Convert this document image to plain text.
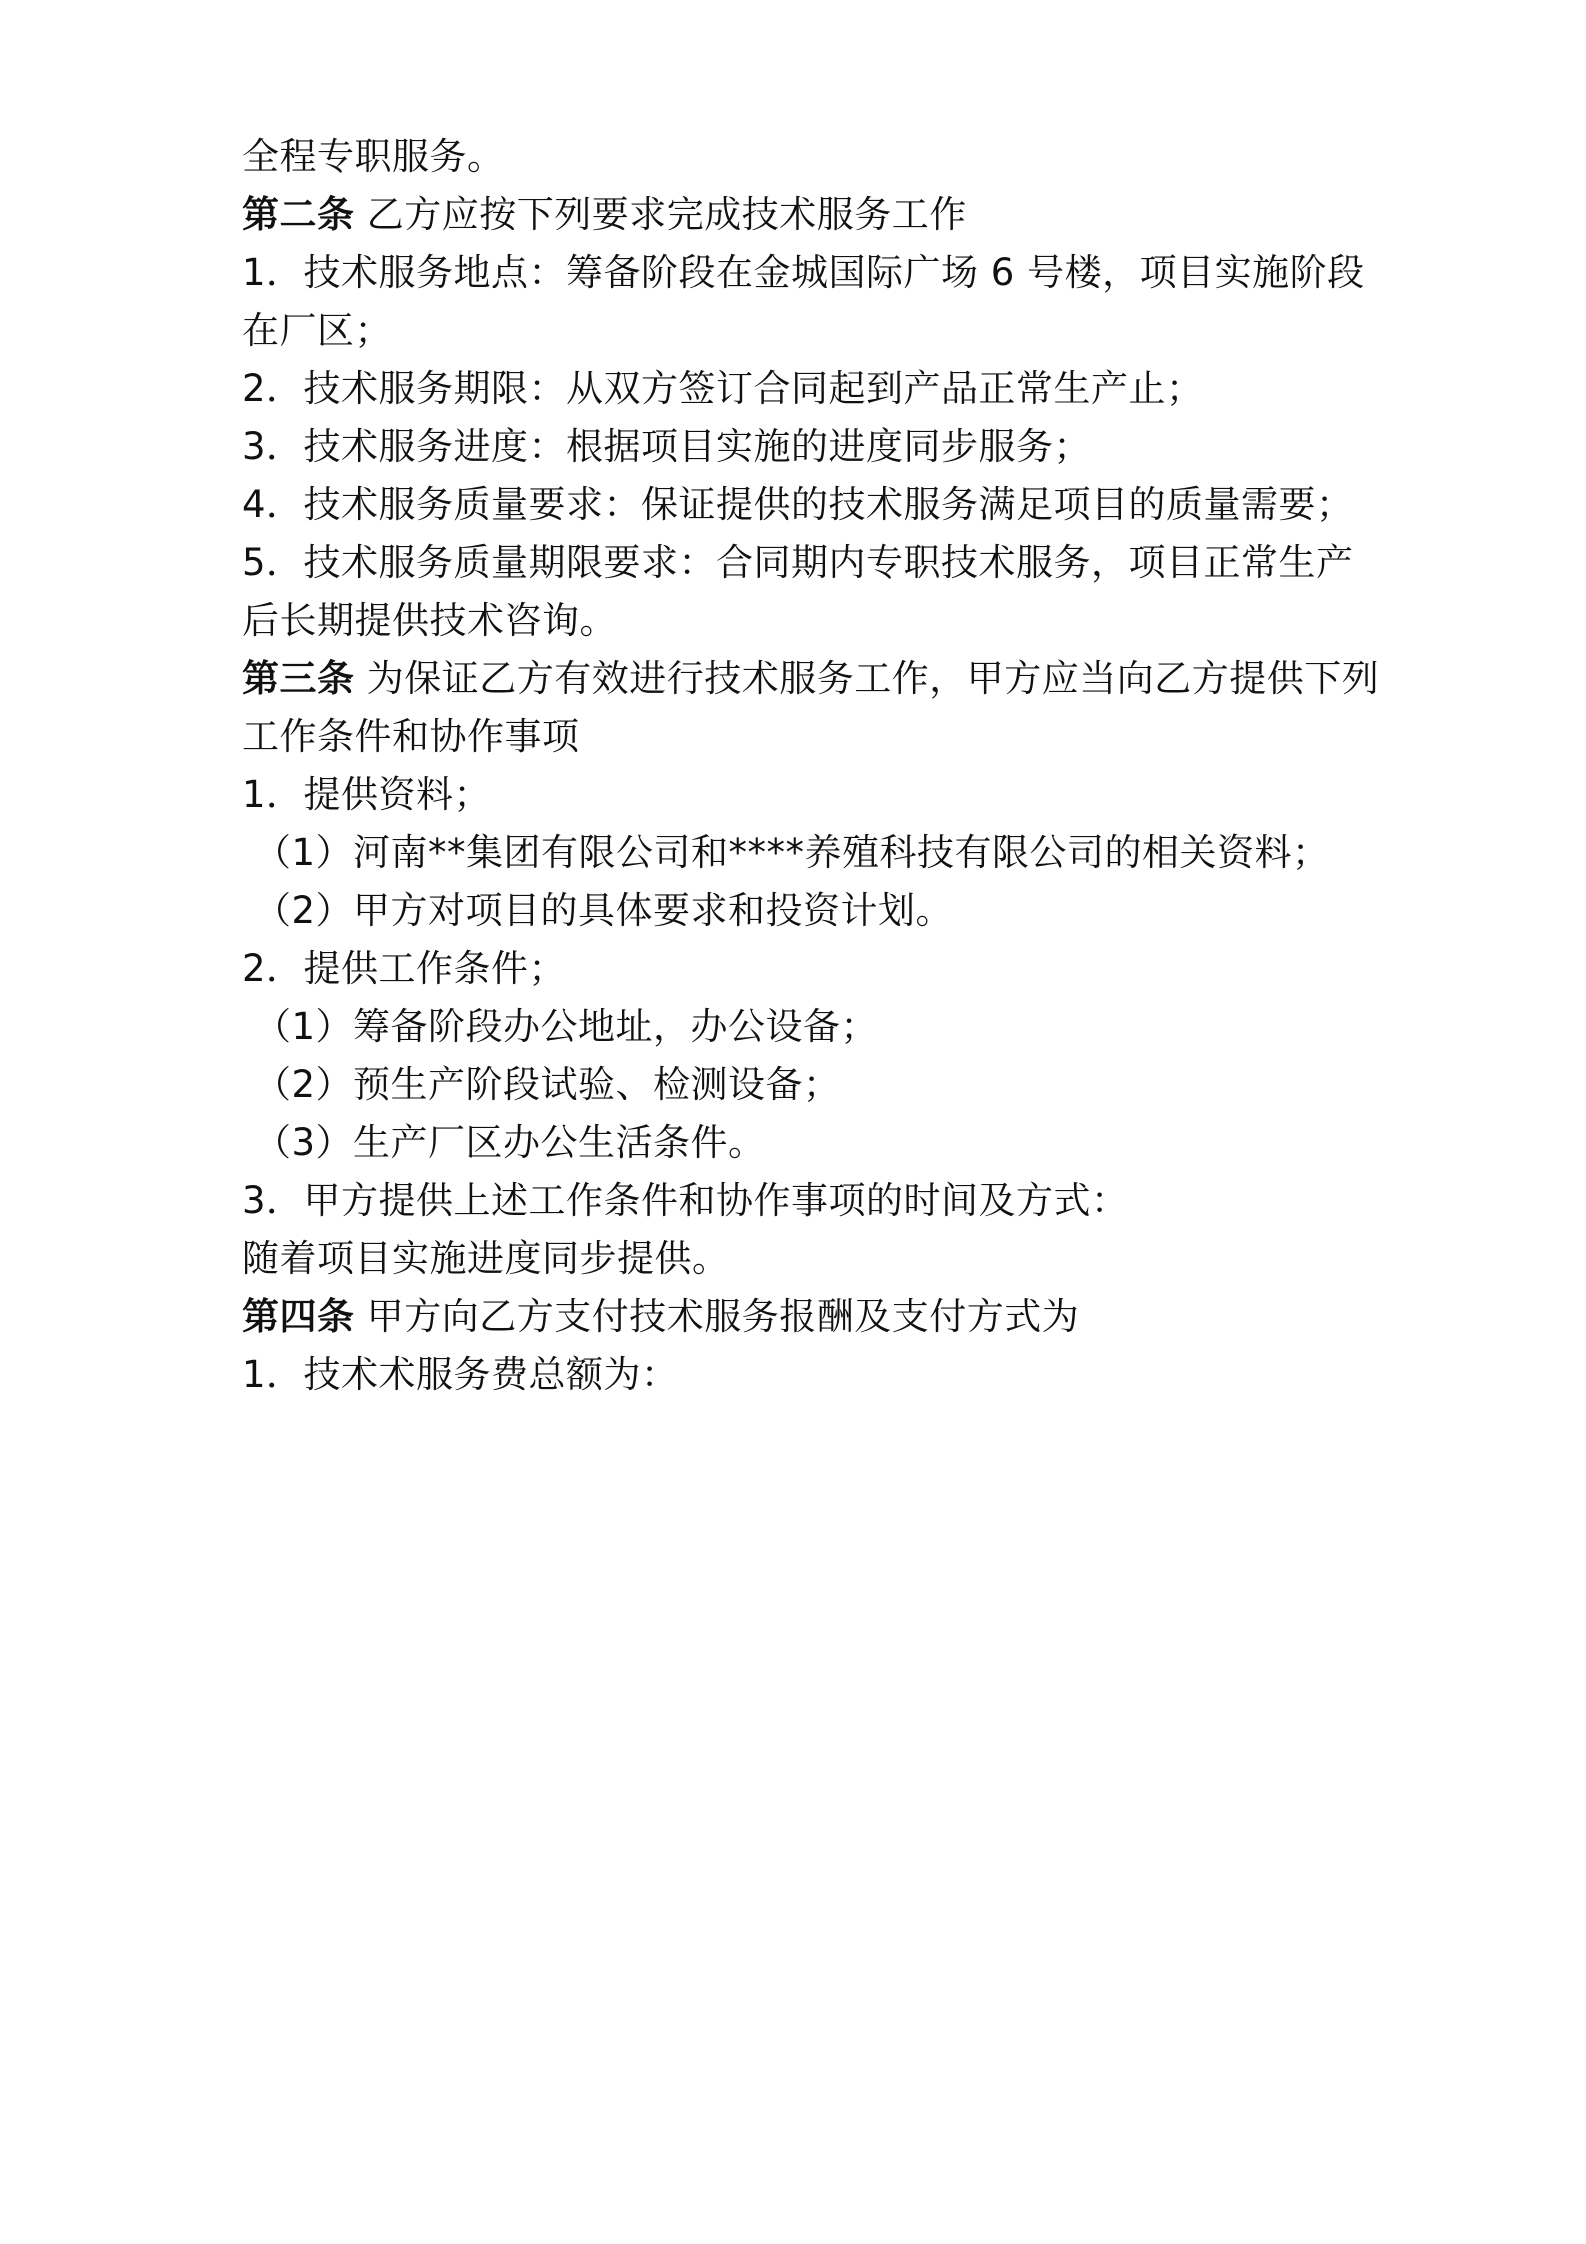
全程专职服务。
第二条 乙方应按下列要求完成技术服务工作
1．技术服务地点：筹备阶段在金城国际广场 6 号楼，项目实施阶段
在厂区；
2．技术服务期限：从双方签订合同起到产品正常生产止；
3．技术服务进度：根据项目实施的进度同步服务；
4．技术服务质量要求：保证提供的技术服务满足项目的质量需要；
5．技术服务质量期限要求：合同期内专职技术服务，项目正常生产
后长期提供技术咨询。
第三条 为保证乙方有效进行技术服务工作，甲方应当向乙方提供下列
工作条件和协作事项
1．提供资料；
（1）河南**集团有限公司和****养殖科技有限公司的相关资料；
（2）甲方对项目的具体要求和投资计划。
2．提供工作条件；
（1）筹备阶段办公地址，办公设备；
（2）预生产阶段试验、检测设备；
（3）生产厂区办公生活条件。
3．甲方提供上述工作条件和协作事项的时间及方式：
随着项目实施进度同步提供。
第四条 甲方向乙方支付技术服务报酬及支付方式为
1．技术术服务费总额为：
